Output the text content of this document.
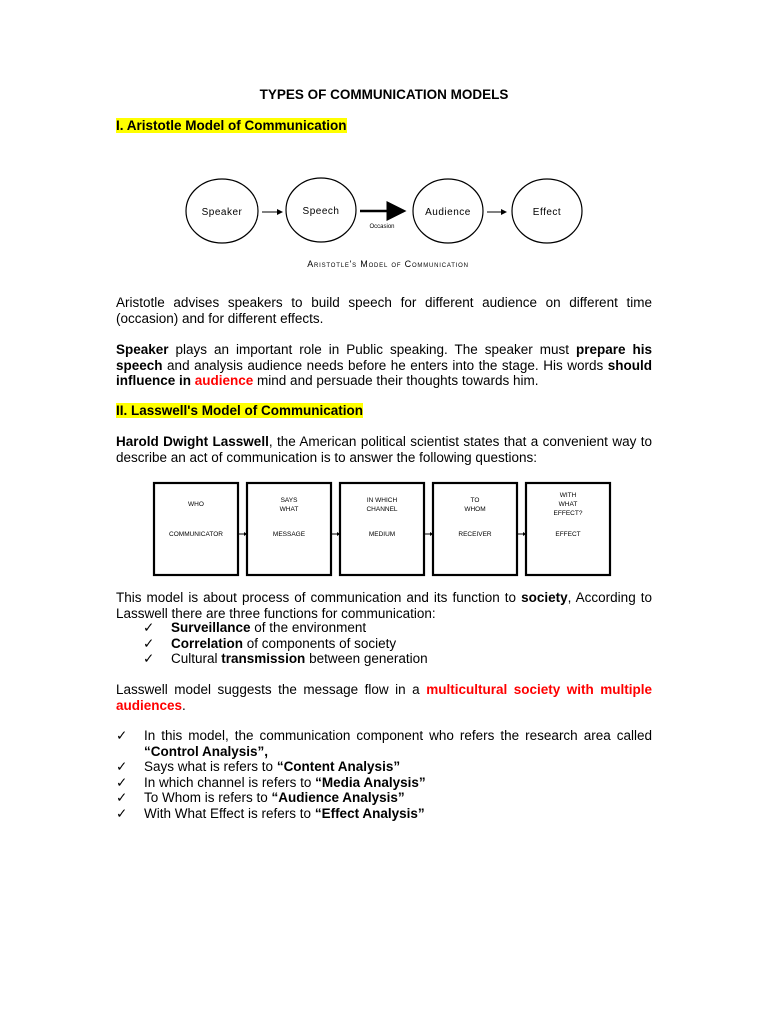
TYPES OF COMMUNICATION MODELS
I. Aristotle Model of Communication
Speaker	Speech
Occasion
Audience	Effect
Aristotle's Model of Communication
Aristotle advises speakers to build speech for different audience on different time (occasion) and for different effects.
Speaker plays an important role in Public speaking. The speaker must prepare his speech and analysis audience needs before he enters into the stage. His words should influence in audience mind and persuade their thoughts towards him.
II. Lasswell's Model of Communication
Harold Dwight Lasswell, the American political scientist states that a convenient way to describe an act of communication is to answer the following questions:
WHO
COMMUNICATOR
SAYS
WHAT
MESSAGE
IN WHICH
CHANNEL
MEDIUM
TO
WHOM
RECEIVER
WITH
WHAT
EFFECT?
EFFECT
This model is about process of communication and its function to society, According to Lasswell there are three functions for communication:
✓ Surveillance of the environment
✓ Correlation of components of society
✓ Cultural transmission between generation
Lasswell model suggests the message flow in a multicultural society with multiple audiences.
✓ In this model, the communication component who refers the research area called “Control Analysis”,
✓ Says what is refers to “Content Analysis”
✓ In which channel is refers to “Media Analysis”
✓ To Whom is refers to “Audience Analysis”
✓ With What Effect is refers to “Effect Analysis”
